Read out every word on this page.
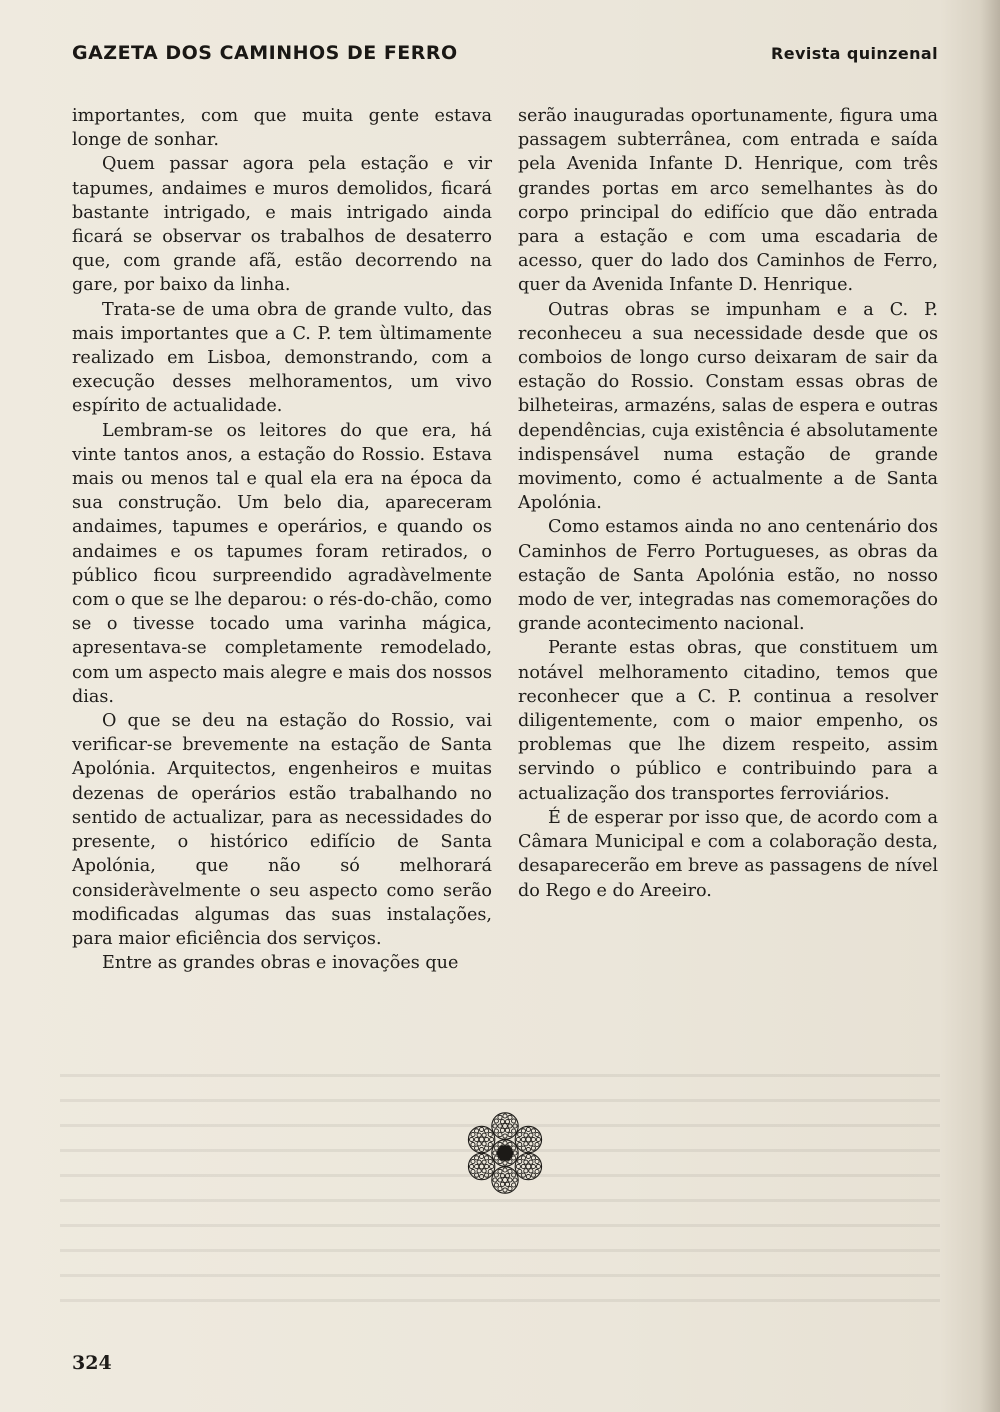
GAZETA DOS CAMINHOS DE FERRO	Revista quinzenal

importantes, com que muita gente estava longe de sonhar.

Quem passar agora pela estação e vir tapumes, andaimes e muros demolidos, ficará bastante intrigado, e mais intrigado ainda ficará se observar os trabalhos de desaterro que, com grande afã, estão decorrendo na gare, por baixo da linha.

Trata-se de uma obra de grande vulto, das mais importantes que a C. P. tem ùltimamente realizado em Lisboa, demonstrando, com a execução desses melhoramentos, um vivo espírito de actualidade.

Lembram-se os leitores do que era, há vinte tantos anos, a estação do Rossio. Estava mais ou menos tal e qual ela era na época da sua construção. Um belo dia, apareceram andaimes, tapumes e operários, e quando os andaimes e os tapumes foram retirados, o público ficou surpreendido agradàvelmente com o que se lhe deparou: o rés-do-chão, como se o tivesse tocado uma varinha mágica, apresentava-se completamente remodelado, com um aspecto mais alegre e mais dos nossos dias.

O que se deu na estação do Rossio, vai verificar-se brevemente na estação de Santa Apolónia. Arquitectos, engenheiros e muitas dezenas de operários estão trabalhando no sentido de actualizar, para as necessidades do presente, o histórico edifício de Santa Apolónia, que não só melhorará consideràvelmente o seu aspecto como serão modificadas algumas das suas instalações, para maior eficiência dos serviços.

Entre as grandes obras e inovações que

serão inauguradas oportunamente, figura uma passagem subterrânea, com entrada e saída pela Avenida Infante D. Henrique, com três grandes portas em arco semelhantes às do corpo principal do edifício que dão entrada para a estação e com uma escadaria de acesso, quer do lado dos Caminhos de Ferro, quer da Avenida Infante D. Henrique.

Outras obras se impunham e a C. P. reconheceu a sua necessidade desde que os comboios de longo curso deixaram de sair da estação do Rossio. Constam essas obras de bilheteiras, armazéns, salas de espera e outras dependências, cuja existência é absolutamente indispensável numa estação de grande movimento, como é actualmente a de Santa Apolónia.

Como estamos ainda no ano centenário dos Caminhos de Ferro Portugueses, as obras da estação de Santa Apolónia estão, no nosso modo de ver, integradas nas comemorações do grande acontecimento nacional.

Perante estas obras, que constituem um notável melhoramento citadino, temos que reconhecer que a C. P. continua a resolver diligentemente, com o maior empenho, os problemas que lhe dizem respeito, assim servindo o público e contribuindo para a actualização dos transportes ferroviários.

É de esperar por isso que, de acordo com a Câmara Municipal e com a colaboração desta, desaparecerão em breve as passagens de nível do Rego e do Areeiro.

324
